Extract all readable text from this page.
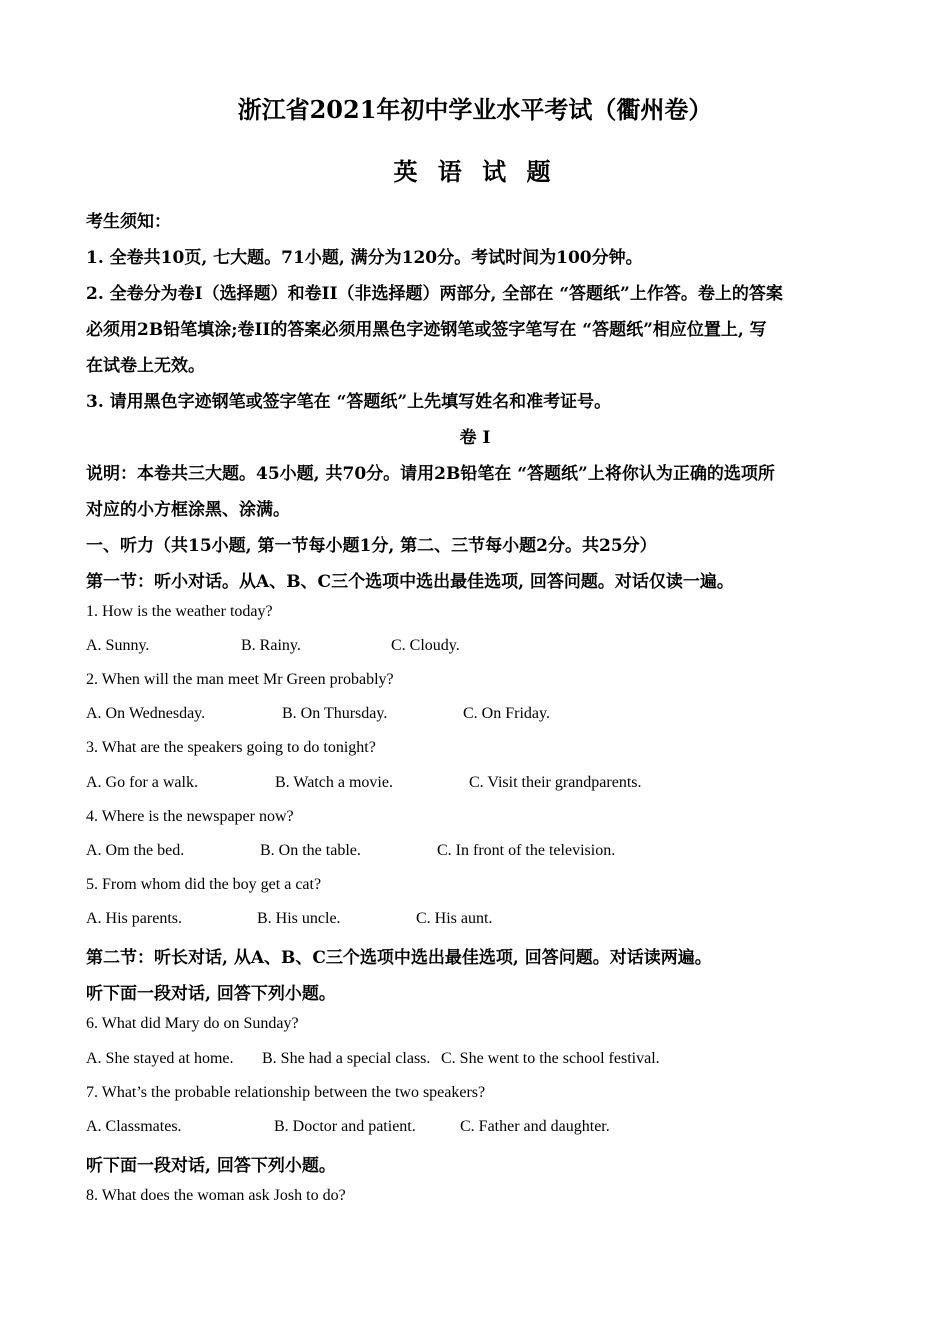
浙江省2021年初中学业水平考试（衢州卷）
英 语 试 题
考生须知：
1. 全卷共10页, 七大题。71小题, 满分为120分。考试时间为100分钟。
2. 全卷分为卷I（选择题）和卷II（非选择题）两部分, 全部在 “答题纸”上作答。卷上的答案
必须用2B铅笔填涂;卷II的答案必须用黑色字迹钢笔或签字笔写在 “答题纸”相应位置上, 写
在试卷上无效。
3. 请用黑色字迹钢笔或签字笔在 “答题纸”上先填写姓名和准考证号。
卷 I
说明：本卷共三大题。45小题, 共70分。请用2B铅笔在 “答题纸”上将你认为正确的选项所
对应的小方框涂黑、涂满。
一、听力（共15小题, 第一节每小题1分, 第二、三节每小题2分。共25分）
第一节：听小对话。从A、B、C三个选项中选出最佳选项, 回答问题。对话仅读一遍。
1. How is the weather today?
A. Sunny.	B. Rainy.	C. Cloudy.
2. When will the man meet Mr Green probably?
A. On Wednesday.	B. On Thursday.	C. On Friday.
3. What are the speakers going to do tonight?
A. Go for a walk.	B. Watch a movie.	C. Visit their grandparents.
4. Where is the newspaper now?
A. Om the bed.	B. On the table.	C. In front of the television.
5. From whom did the boy get a cat?
A. His parents.	B. His uncle.	C. His aunt.
第二节：听长对话, 从A、B、C三个选项中选出最佳选项, 回答问题。对话读两遍。
听下面一段对话, 回答下列小题。
6. What did Mary do on Sunday?
A. She stayed at home. B. She had a special class. C. She went to the school festival.
7. What’s the probable relationship between the two speakers?
A. Classmates.	B. Doctor and patient.	C. Father and daughter.
听下面一段对话, 回答下列小题。
8. What does the woman ask Josh to do?
